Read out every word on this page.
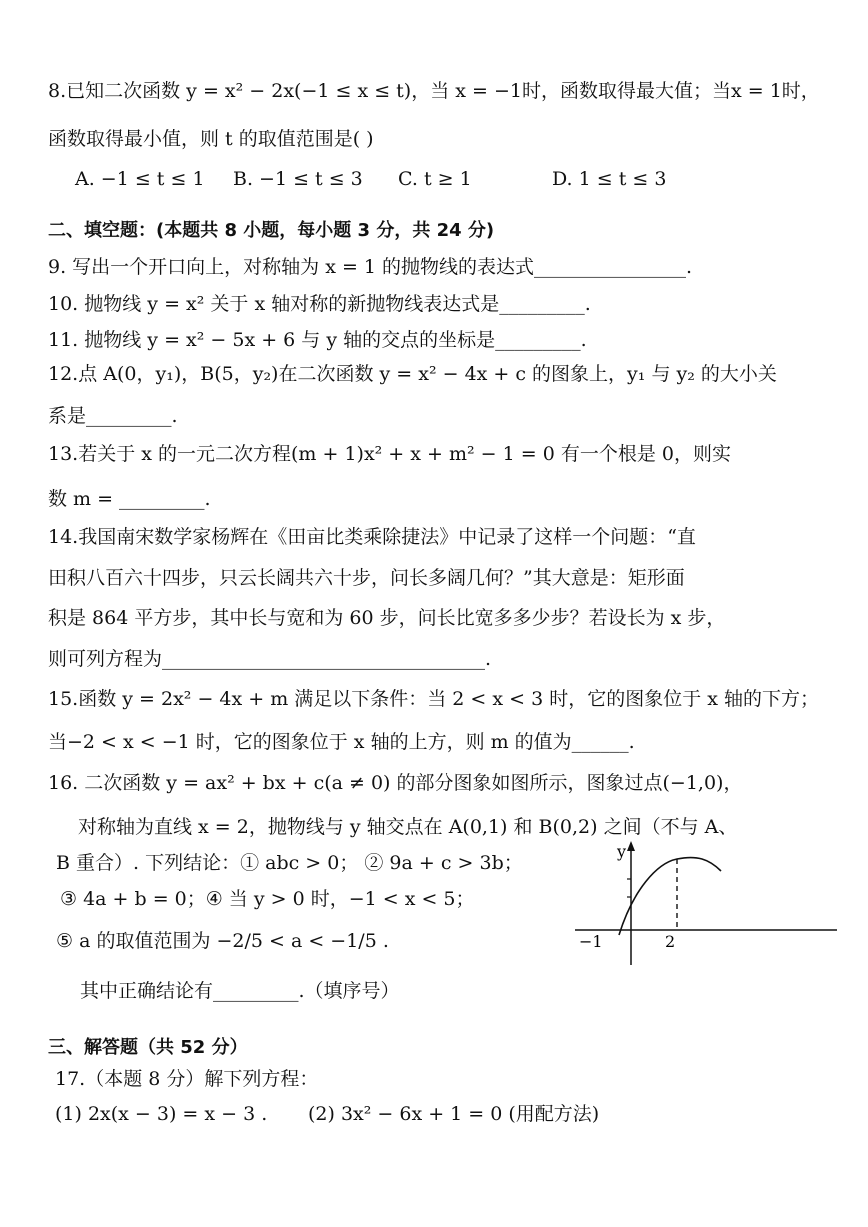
8.已知二次函数 y = x² − 2x(−1 ≤ x ≤ t)，当 x = −1时，函数取得最大值；当x = 1时，
函数取得最小值，则 t 的取值范围是( )
A. −1 ≤ t ≤ 1 B. −1 ≤ t ≤ 3 C. t ≥ 1	D. 1 ≤ t ≤ 3
二、填空题：(本题共 8 小题，每小题 3 分，共 24 分)
9. 写出一个开口向上，对称轴为 x = 1 的抛物线的表达式________________.
10. 抛物线 y = x² 关于 x 轴对称的新抛物线表达式是_________.
11. 抛物线 y = x² − 5x + 6 与 y 轴的交点的坐标是_________.
12.点 A(0，y₁)，B(5，y₂)在二次函数 y = x² − 4x + c 的图象上，y₁ 与 y₂ 的大小关
系是_________.
13.若关于 x 的一元二次方程(m + 1)x² + x + m² − 1 = 0 有一个根是 0，则实
数 m = _________.
14.我国南宋数学家杨辉在《田亩比类乘除捷法》中记录了这样一个问题：“直
田积八百六十四步，只云长阔共六十步，问长多阔几何？”其大意是：矩形面
积是 864 平方步，其中长与宽和为 60 步，问长比宽多多少步？若设长为 x 步，
则可列方程为__________________________________.
15.函数 y = 2x² − 4x + m 满足以下条件：当 2 < x < 3 时，它的图象位于 x 轴的下方；
当−2 < x < −1 时，它的图象位于 x 轴的上方，则 m 的值为______.
16. 二次函数 y = ax² + bx + c(a ≠ 0) 的部分图象如图所示，图象过点(−1,0)，
对称轴为直线 x = 2，抛物线与 y 轴交点在 A(0,1) 和 B(0,2) 之间（不与 A、
B 重合）. 下列结论：① abc > 0； ② 9a + c > 3b；
③ 4a + b = 0；④ 当 y > 0 时，−1 < x < 5；
⑤ a 的取值范围为 −2/5 < a < −1/5 .
其中正确结论有_________.（填序号）
y
−1	2
三、解答题（共 52 分）
17.（本题 8 分）解下列方程：
(1) 2x(x − 3) = x − 3 . (2) 3x² − 6x + 1 = 0 (用配方法)
